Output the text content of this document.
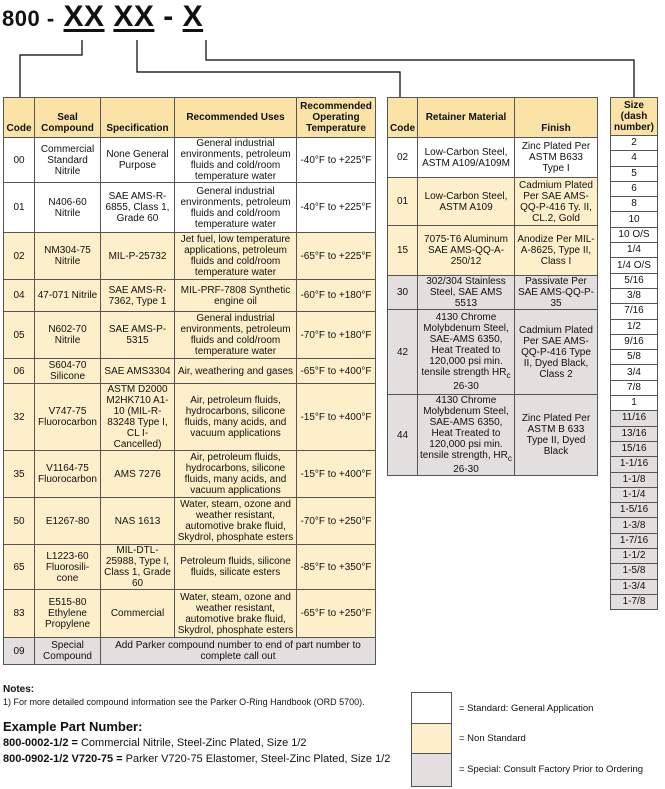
800 - XX XX - X
Code	Seal Compound	Specification	Recommended Uses	Recommended Operating Temperature
00	Commercial Standard Nitrile	None General Purpose	General industrial environments, petroleum fluids and cold/room temperature water	-40°F to +225°F
01	N406-60 Nitrile	SAE AMS-R-6855, Class 1, Grade 60	General industrial environments, petroleum fluids and cold/room temperature water	-40°F to +225°F
02	NM304-75 Nitrile	MIL-P-25732	Jet fuel, low temperature applications, petroleum fluids and cold/room temperature water	-65°F to +225°F
04	47-071 Nitrile	SAE AMS-R-7362, Type 1	MIL-PRF-7808 Synthetic engine oil	-60°F to +180°F
05	N602-70 Nitrile	SAE AMS-P-5315	General industrial environments, petroleum fluids and cold/room temperature water	-70°F to +180°F
06	S604-70 Silicone	SAE AMS3304	Air, weathering and gases	-65°F to +400°F
32	V747-75 Fluorocarbon	ASTM D2000 M2HK710 A1-10 (MIL-R-83248 Type I, CL I-Cancelled)	Air, petroleum fluids, hydrocarbons, silicone fluids, many acids, and vacuum applications	-15°F to +400°F
35	V1164-75 Fluorocarbon	AMS 7276	Air, petroleum fluids, hydrocarbons, silicone fluids, many acids, and vacuum applications	-15°F to +400°F
50	E1267-80	NAS 1613	Water, steam, ozone and weather resistant, automotive brake fluid, Skydrol, phosphate esters	-70°F to +250°F
65	L1223-60 Fluorosili-cone	MIL-DTL-25988, Type I, Class 1, Grade 60	Petroleum fluids, silicone fluids, silicate esters	-85°F to +350°F
83	E515-80 Ethylene Propylene	Commercial	Water, steam, ozone and weather resistant, automotive brake fluid, Skydrol, phosphate esters	-65°F to +250°F
09	Special Compound	Add Parker compound number to end of part number to complete call out		
Code	Retainer Material	Finish
02	Low-Carbon Steel, ASTM A109/A109M	Zinc Plated Per ASTM B633 Type I
01	Low-Carbon Steel, ASTM A109	Cadmium Plated Per SAE AMS-QQ-P-416 Ty. II, CL.2, Gold
15	7075-T6 Aluminum SAE AMS-QQ-A-250/12	Anodize Per MIL-A-8625, Type II, Class I
30	302/304 Stainless Steel, SAE AMS 5513	Passivate Per SAE AMS-QQ-P-35
42	4130 Chrome Molybdenum Steel, SAE-AMS 6350, Heat Treated to 120,000 psi min. tensile strength $HR_c$ 26-30	Cadmium Plated Per SAE AMS-QQ-P-416 Type II, Dyed Black, Class 2
44	4130 Chrome Molybdenum Steel, SAE-AMS 6350, Heat Treated to 120,000 psi min. tensile strength, $HR_c$ 26-30	Zinc Plated Per ASTM B 633 Type II, Dyed Black
Size (dash number)
2
4
5
6
8
10
10 O/S
1/4
1/4 O/S
5/16
3/8
7/16
1/2
9/16
5/8
3/4
7/8
1
11/16
13/16
15/16
1-1/16
1-1/8
1-1/4
1-5/16
1-3/8
1-7/16
1-1/2
1-5/8
1-3/4
1-7/8
Notes:
1) For more detailed compound information see the Parker O-Ring Handbook (ORD 5700).
Example Part Number:
800-0002-1/2 = Commercial Nitrile, Steel-Zinc Plated, Size 1/2
800-0902-1/2 V720-75 = Parker V720-75 Elastomer, Steel-Zinc Plated, Size 1/2
= Standard: General Application
= Non Standard
= Special: Consult Factory Prior to Ordering
